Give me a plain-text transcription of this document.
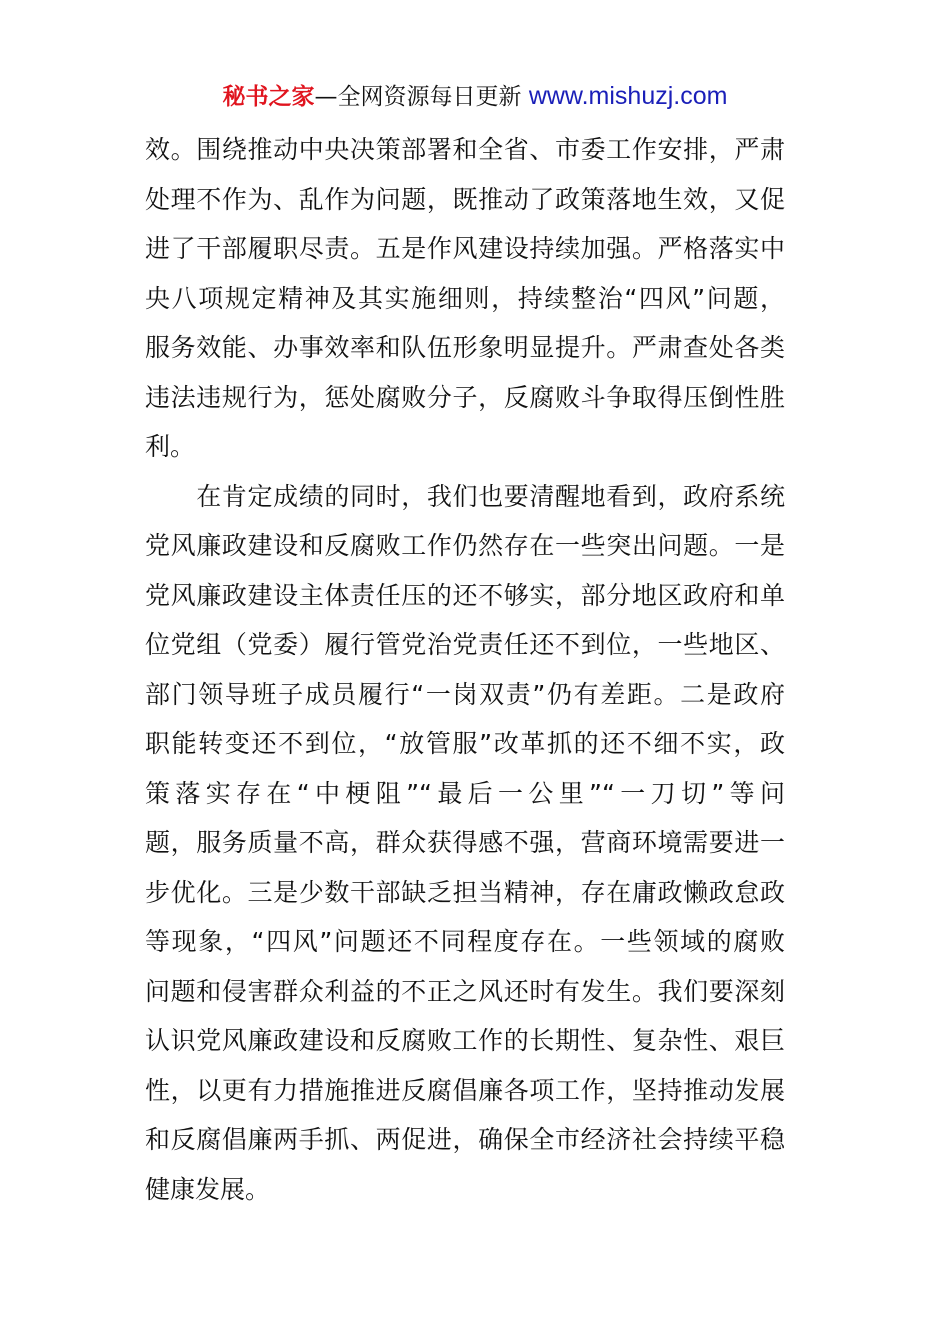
秘书之家—全网资源每日更新 www.mishuzj.com
效。围绕推动中央决策部署和全省、市委工作安排，严肃
处理不作为、乱作为问题，既推动了政策落地生效，又促
进了干部履职尽责。五是作风建设持续加强。严格落实中
央八项规定精神及其实施细则，持续整治“四风”问题，
服务效能、办事效率和队伍形象明显提升。严肃查处各类
违法违规行为，惩处腐败分子，反腐败斗争取得压倒性胜
利。
　　在肯定成绩的同时，我们也要清醒地看到，政府系统
党风廉政建设和反腐败工作仍然存在一些突出问题。一是
党风廉政建设主体责任压的还不够实，部分地区政府和单
位党组（党委）履行管党治党责任还不到位，一些地区、
部门领导班子成员履行“一岗双责”仍有差距。二是政府
职能转变还不到位，“放管服”改革抓的还不细不实，政
策落实存在“中梗阻”“最后一公里”“一刀切”等问
题，服务质量不高，群众获得感不强，营商环境需要进一
步优化。三是少数干部缺乏担当精神，存在庸政懒政怠政
等现象，“四风”问题还不同程度存在。一些领域的腐败
问题和侵害群众利益的不正之风还时有发生。我们要深刻
认识党风廉政建设和反腐败工作的长期性、复杂性、艰巨
性，以更有力措施推进反腐倡廉各项工作，坚持推动发展
和反腐倡廉两手抓、两促进，确保全市经济社会持续平稳
健康发展。
